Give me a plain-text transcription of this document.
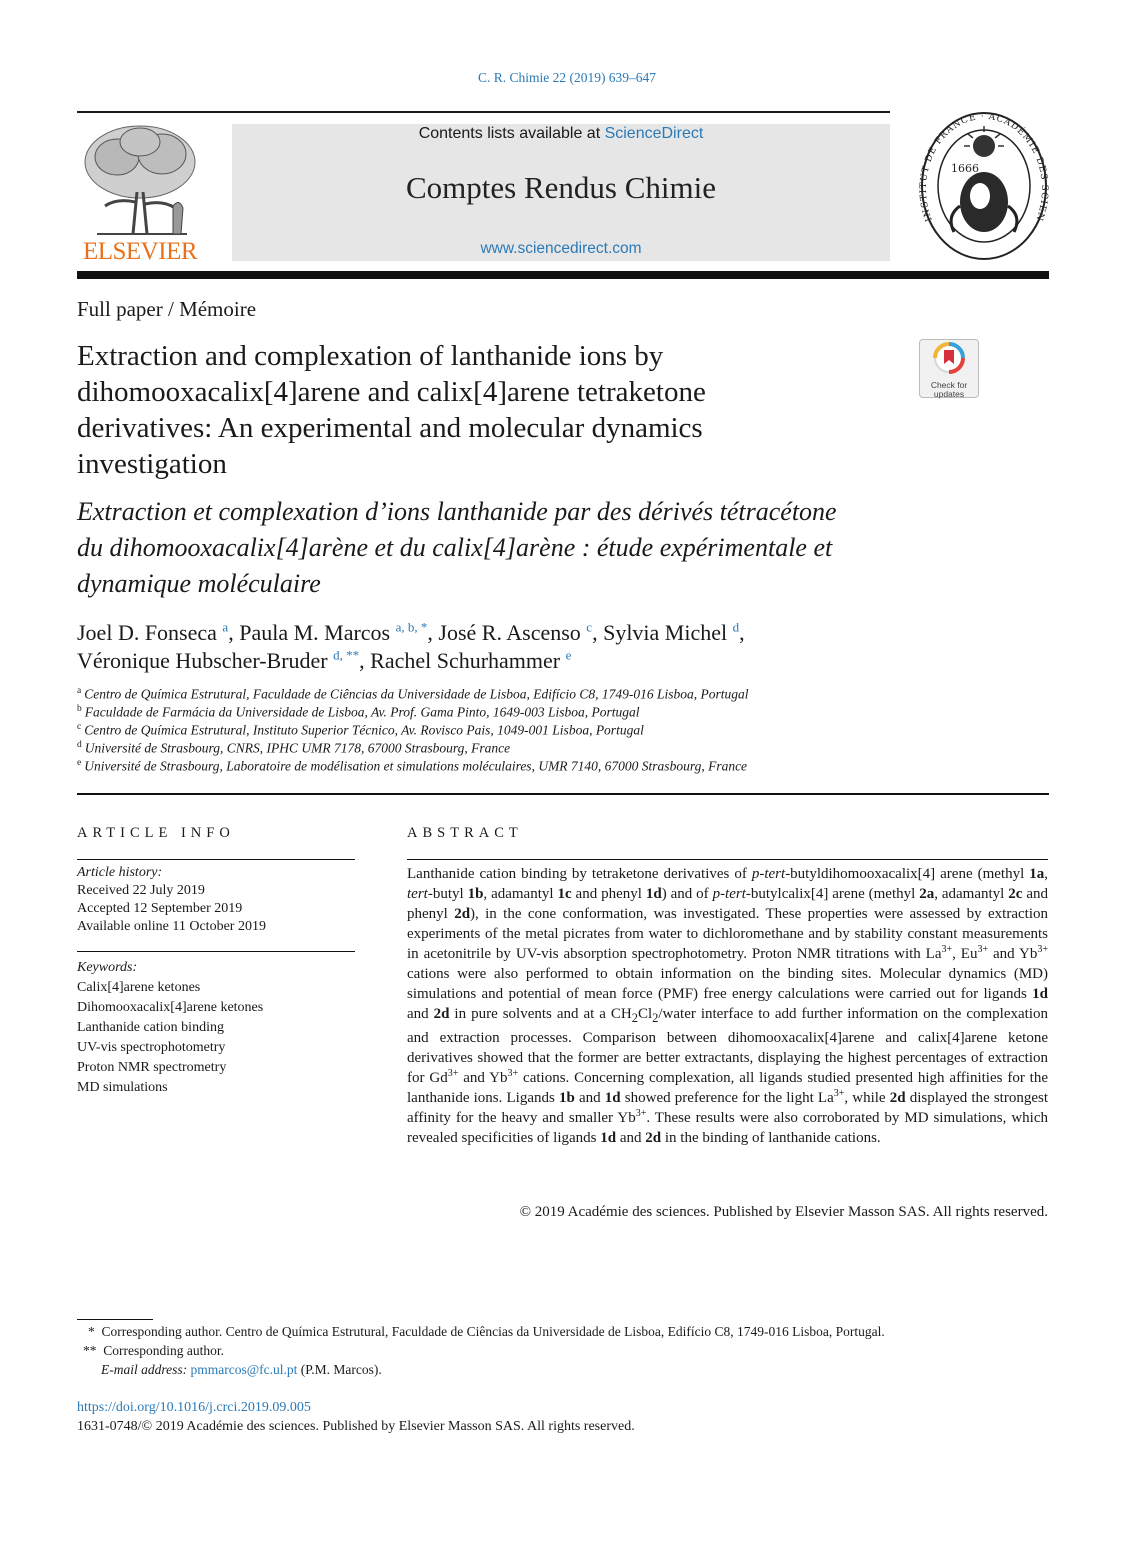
C. R. Chimie 22 (2019) 639–647
ELSEVIER
Contents lists available at ScienceDirect
Comptes Rendus Chimie
www.sciencedirect.com
1666
INSTITUT DE FRANCE · ACADÉMIE DES SCIEN
Full paper / Mémoire
Extraction and complexation of lanthanide ions by
dihomooxacalix[4]arene and calix[4]arene tetraketone
derivatives: An experimental and molecular dynamics
investigation
Check for updates
Extraction et complexation d’ions lanthanide par des dérivés tétracétone
du dihomooxacalix[4]arène et du calix[4]arène : étude expérimentale et
dynamique moléculaire
Joel D. Fonseca $^a$, Paula M. Marcos $^{a, b, *}$, José R. Ascenso $^c$, Sylvia Michel $^d$,
Véronique Hubscher-Bruder $^{d, **}$, Rachel Schurhammer $^e$
$^a$ Centro de Química Estrutural, Faculdade de Ciências da Universidade de Lisboa, Edifício C8, 1749-016 Lisboa, Portugal
$^b$ Faculdade de Farmácia da Universidade de Lisboa, Av. Prof. Gama Pinto, 1649-003 Lisboa, Portugal
$^c$ Centro de Química Estrutural, Instituto Superior Técnico, Av. Rovisco Pais, 1049-001 Lisboa, Portugal
$^d$ Université de Strasbourg, CNRS, IPHC UMR 7178, 67000 Strasbourg, France
$^e$ Université de Strasbourg, Laboratoire de modélisation et simulations moléculaires, UMR 7140, 67000 Strasbourg, France
ARTICLE INFO
Article history:
Received 22 July 2019
Accepted 12 September 2019
Available online 11 October 2019
Keywords:
Calix[4]arene ketones
Dihomooxacalix[4]arene ketones
Lanthanide cation binding
UV-vis spectrophotometry
Proton NMR spectrometry
MD simulations
ABSTRACT
Lanthanide cation binding by tetraketone derivatives of p-tert-butyldihomooxacalix[4] arene (methyl 1a, tert-butyl 1b, adamantyl 1c and phenyl 1d) and of p-tert-butylcalix[4] arene (methyl 2a, adamantyl 2c and phenyl 2d), in the cone conformation, was investigated. These properties were assessed by extraction experiments of the metal picrates from water to dichloromethane and by stability constant measurements in acetonitrile by UV-vis absorption spectrophotometry. Proton NMR titrations with $La^{3+}$, $Eu^{3+}$ and $Yb^{3+}$ cations were also performed to obtain information on the binding sites. Molecular dynamics (MD) simulations and potential of mean force (PMF) free energy calculations were carried out for ligands 1d and 2d in pure solvents and at a $CH_2Cl_2$/water interface to add further information on the complexation and extraction processes. Comparison between dihomooxacalix[4]arene and calix[4]arene ketone derivatives showed that the former are better extractants, displaying the highest percentages of extraction for $Gd^{3+}$ and $Yb^{3+}$ cations. Concerning complexation, all ligands studied presented high affinities for the lanthanide ions. Ligands 1b and 1d showed preference for the light $La^{3+}$, while 2d displayed the strongest affinity for the heavy and smaller $Yb^{3+}$. These results were also corroborated by MD simulations, which revealed specificities of ligands 1d and 2d in the binding of lanthanide cations.
© 2019 Académie des sciences. Published by Elsevier Masson SAS. All rights reserved.
* Corresponding author. Centro de Química Estrutural, Faculdade de Ciências da Universidade de Lisboa, Edifício C8, 1749-016 Lisboa, Portugal.
** Corresponding author.
E-mail address: pmmarcos@fc.ul.pt (P.M. Marcos).
https://doi.org/10.1016/j.crci.2019.09.005
1631-0748/© 2019 Académie des sciences. Published by Elsevier Masson SAS. All rights reserved.
